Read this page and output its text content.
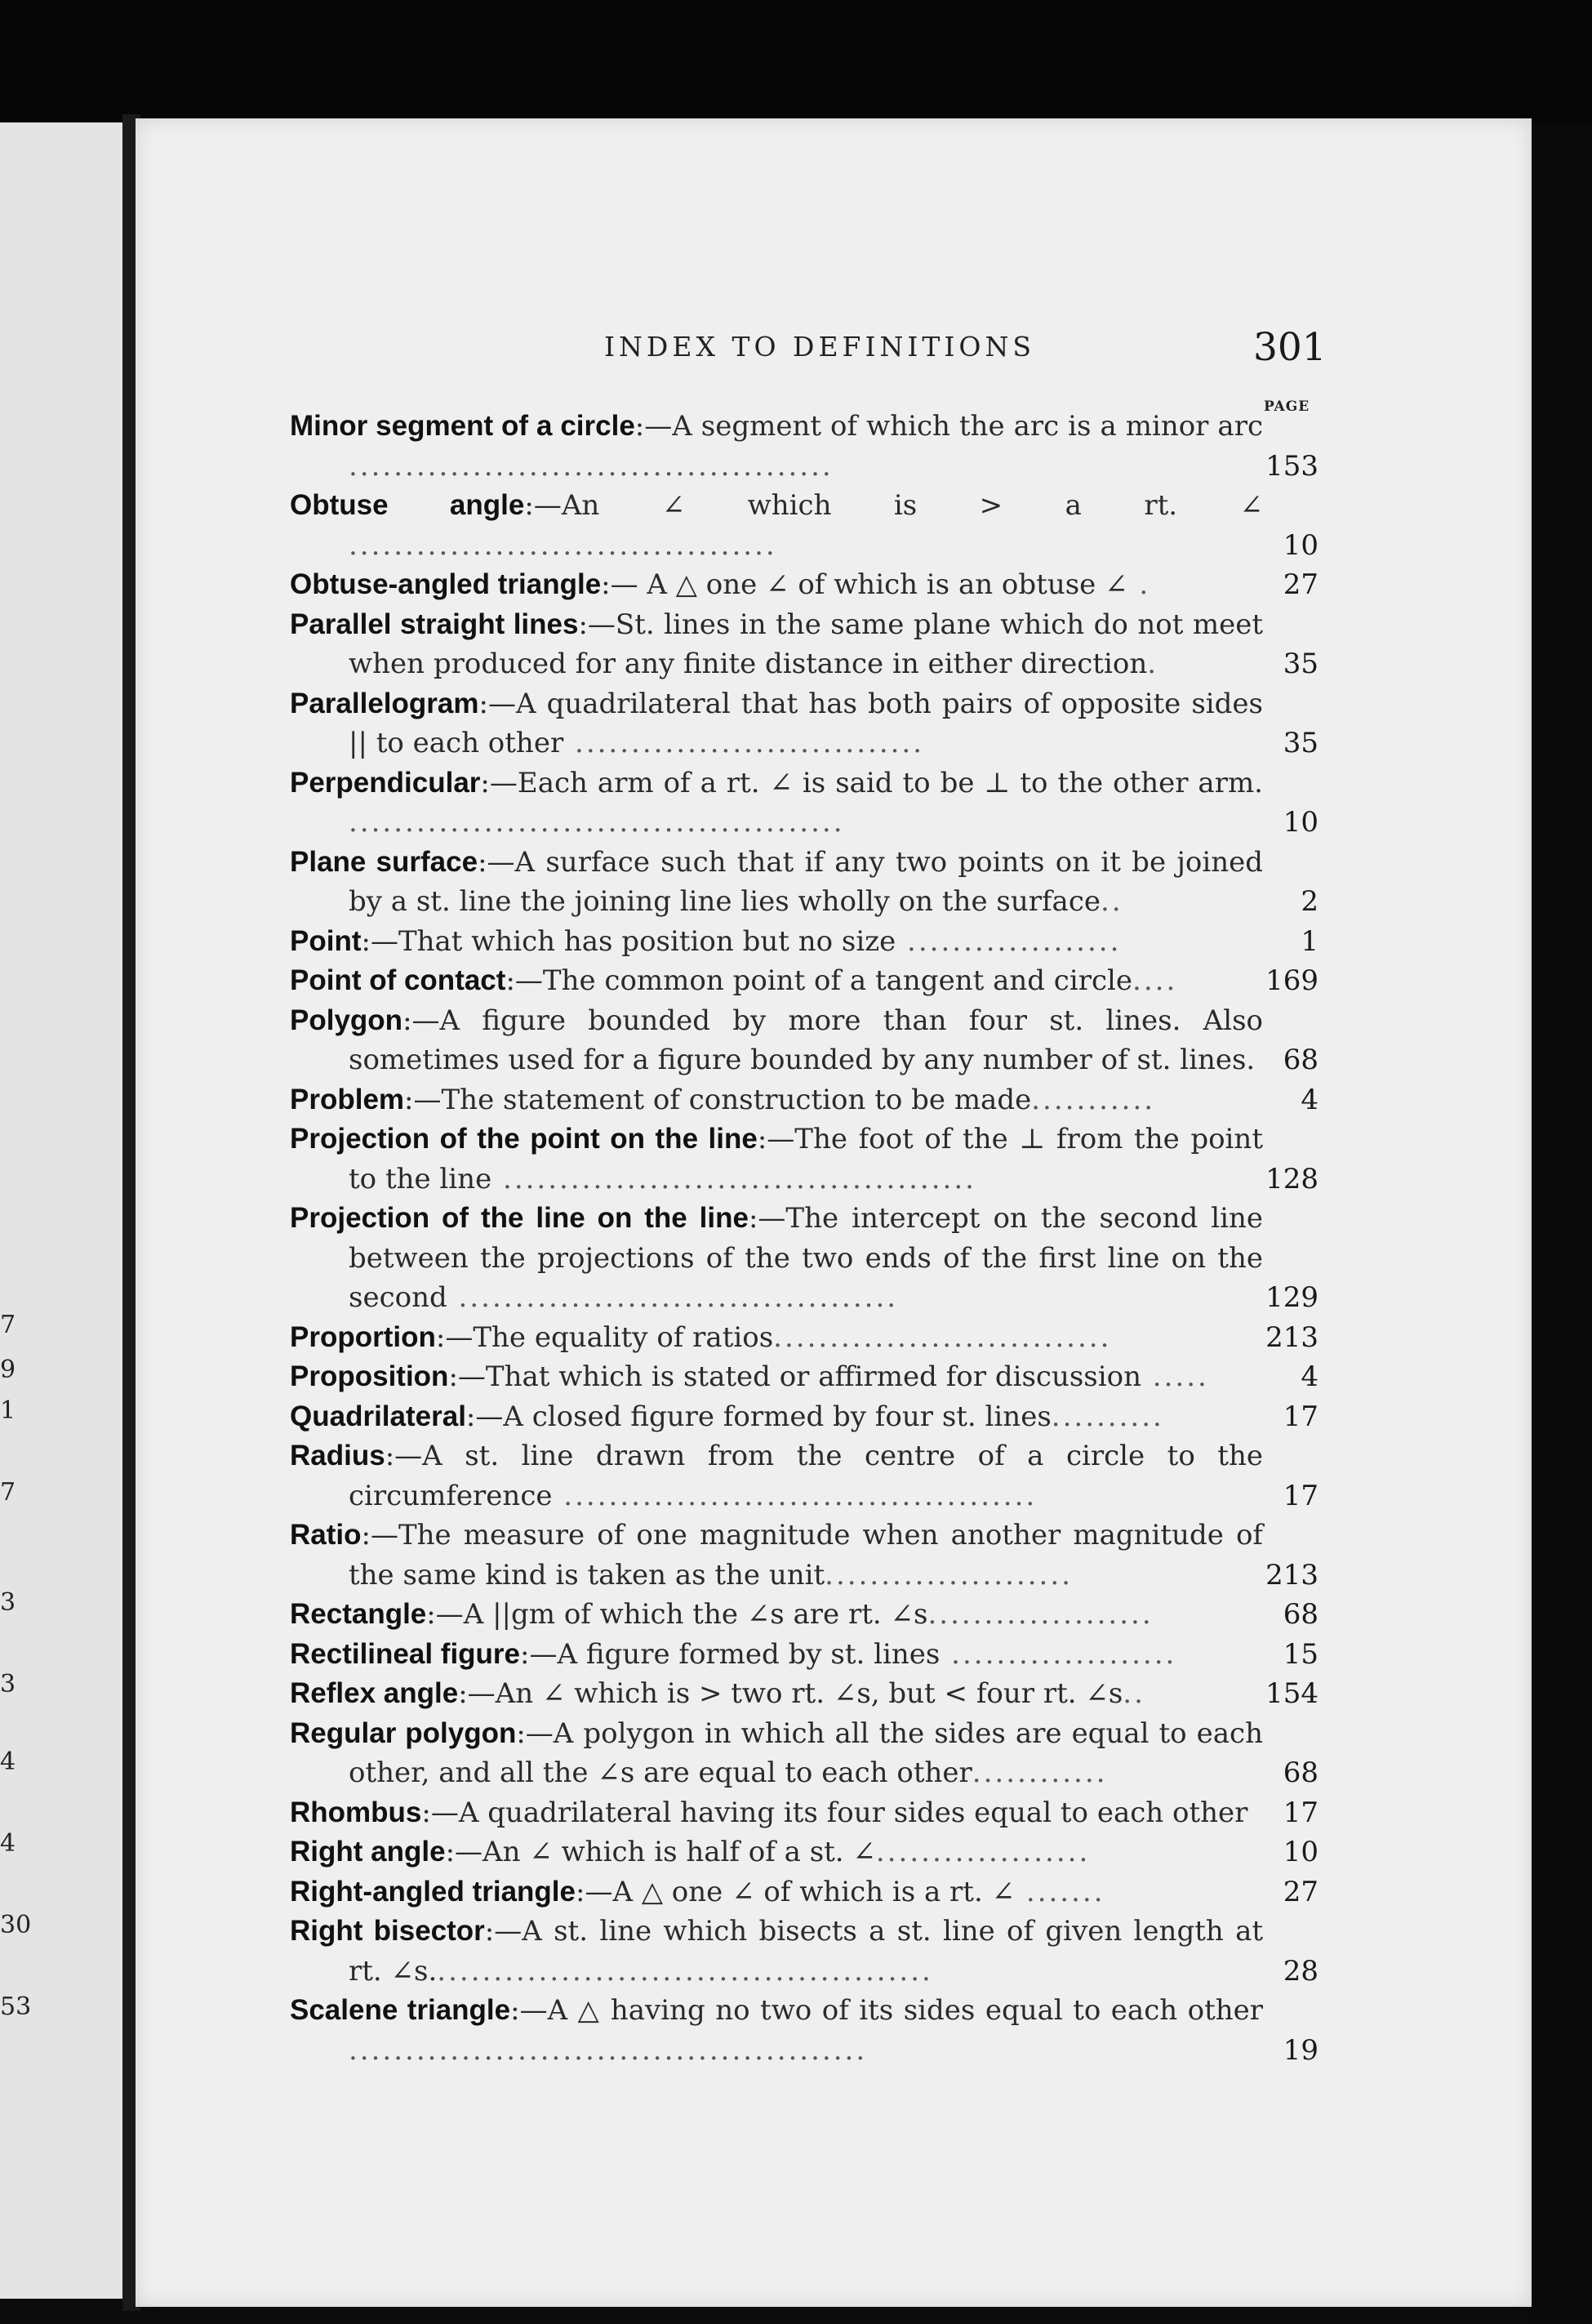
7
9
1
7
3
3
4
4
30
53
INDEX TO DEFINITIONS	301
PAGE
Minor segment of a circle:—A segment of which the arc is a minor arc ...........................................	153
Obtuse angle:—An ∠ which is > a rt. ∠ ......................................	10
Obtuse-angled triangle:— A △ one ∠ of which is an obtuse ∠ .	27
Parallel straight lines:—St. lines in the same plane which do not meet when produced for any finite distance in either direction.	35
Parallelogram:—A quadrilateral that has both pairs of opposite sides || to each other ...............................	35
Perpendicular:—Each arm of a rt. ∠ is said to be ⊥ to the other arm. ............................................	10
Plane surface:—A surface such that if any two points on it be joined by a st. line the joining line lies wholly on the surface..	2
Point:—That which has position but no size ...................	1
Point of contact:—The common point of a tangent and circle....	169
Polygon:—A figure bounded by more than four st. lines. Also sometimes used for a figure bounded by any number of st. lines.	68
Problem:—The statement of construction to be made...........	4
Projection of the point on the line:—The foot of the ⊥ from the point to the line ..........................................	128
Projection of the line on the line:—The intercept on the second line between the projections of the two ends of the first line on the second .......................................	129
Proportion:—The equality of ratios..............................	213
Proposition:—That which is stated or affirmed for discussion .....	4
Quadrilateral:—A closed figure formed by four st. lines..........	17
Radius:—A st. line drawn from the centre of a circle to the circumference ..........................................	17
Ratio:—The measure of one magnitude when another magnitude of the same kind is taken as the unit......................	213
Rectangle:—A ||gm of which the ∠s are rt. ∠s....................	68
Rectilineal figure:—A figure formed by st. lines ....................	15
Reflex angle:—An ∠ which is > two rt. ∠s, but < four rt. ∠s..	154
Regular polygon:—A polygon in which all the sides are equal to each other, and all the ∠s are equal to each other............	68
Rhombus:—A quadrilateral having its four sides equal to each other	17
Right angle:—An ∠ which is half of a st. ∠...................	10
Right-angled triangle:—A △ one ∠ of which is a rt. ∠ .......	27
Right bisector:—A st. line which bisects a st. line of given length at rt. ∠s.............................................	28
Scalene triangle:—A △ having no two of its sides equal to each other ..............................................	19
